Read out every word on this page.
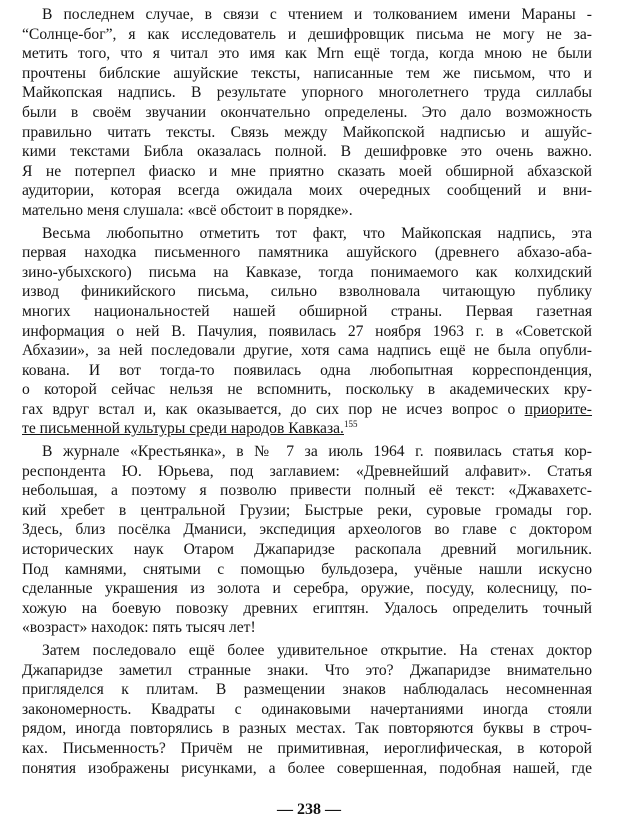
В последнем случае, в связи с чтением и толкованием имени Мараны -
“Солнце-бог”, я как исследователь и дешифровщик письма не могу не за-
метить того, что я читал это имя как Mrn ещё тогда, когда мною не были
прочтены библские ашуйские тексты, написанные тем же письмом, что и
Майкопская надпись. В результате упорного многолетнего труда силлабы
были в своём звучании окончательно определены. Это дало возможность
правильно читать тексты. Связь между Майкопской надписью и ашуйс-
кими текстами Библа оказалась полной. В дешифровке это очень важно.
Я не потерпел фиаско и мне приятно сказать моей обширной абхазской
аудитории, которая всегда ожидала моих очередных сообщений и вни-
мательно меня слушала: «всё обстоит в порядке».
Весьма любопытно отметить тот факт, что Майкопская надпись, эта
первая находка письменного памятника ашуйского (древнего абхазо-аба-
зино-убыхского) письма на Кавказе, тогда понимаемого как колхидский
извод финикийского письма, сильно взволновала читающую публику
многих национальностей нашей обширной страны. Первая газетная
информация о ней В. Пачулия, появилась 27 ноября 1963 г. в «Советской
Абхазии», за ней последовали другие, хотя сама надпись ещё не была опубли-
кована. И вот тогда-то появилась одна любопытная корреспонденция,
о которой сейчас нельзя не вспомнить, поскольку в академических кру-
гах вдруг встал и, как оказывается, до сих пор не исчез вопрос о приорите-
те письменной культуры среди народов Кавказа.$^{155}$
В журнале «Крестьянка», в № 7 за июль 1964 г. появилась статья кор-
респондента Ю. Юрьева, под заглавием: «Древнейший алфавит». Статья
небольшая, а поэтому я позволю привести полный её текст: «Джавахетс-
кий хребет в центральной Грузии; Быстрые реки, суровые громады гор.
Здесь, близ посёлка Дманиси, экспедиция археологов во главе с доктором
исторических наук Отаром Джапаридзе раскопала древний могильник.
Под камнями, снятыми с помощью бульдозера, учёные нашли искусно
сделанные украшения из золота и серебра, оружие, посуду, колесницу, по-
хожую на боевую повозку древних египтян. Удалось определить точный
«возраст» находок: пять тысяч лет!
Затем последовало ещё более удивительное открытие. На стенах доктор
Джапаридзе заметил странные знаки. Что это? Джапаридзе внимательно
пригляделся к плитам. В размещении знаков наблюдалась несомненная
закономерность. Квадраты с одинаковыми начертаниями иногда стояли
рядом, иногда повторялись в разных местах. Так повторяются буквы в строч-
ках. Письменность? Причём не примитивная, иероглифическая, в которой
понятия изображены рисунками, а более совершенная, подобная нашей, где
— 238 —
